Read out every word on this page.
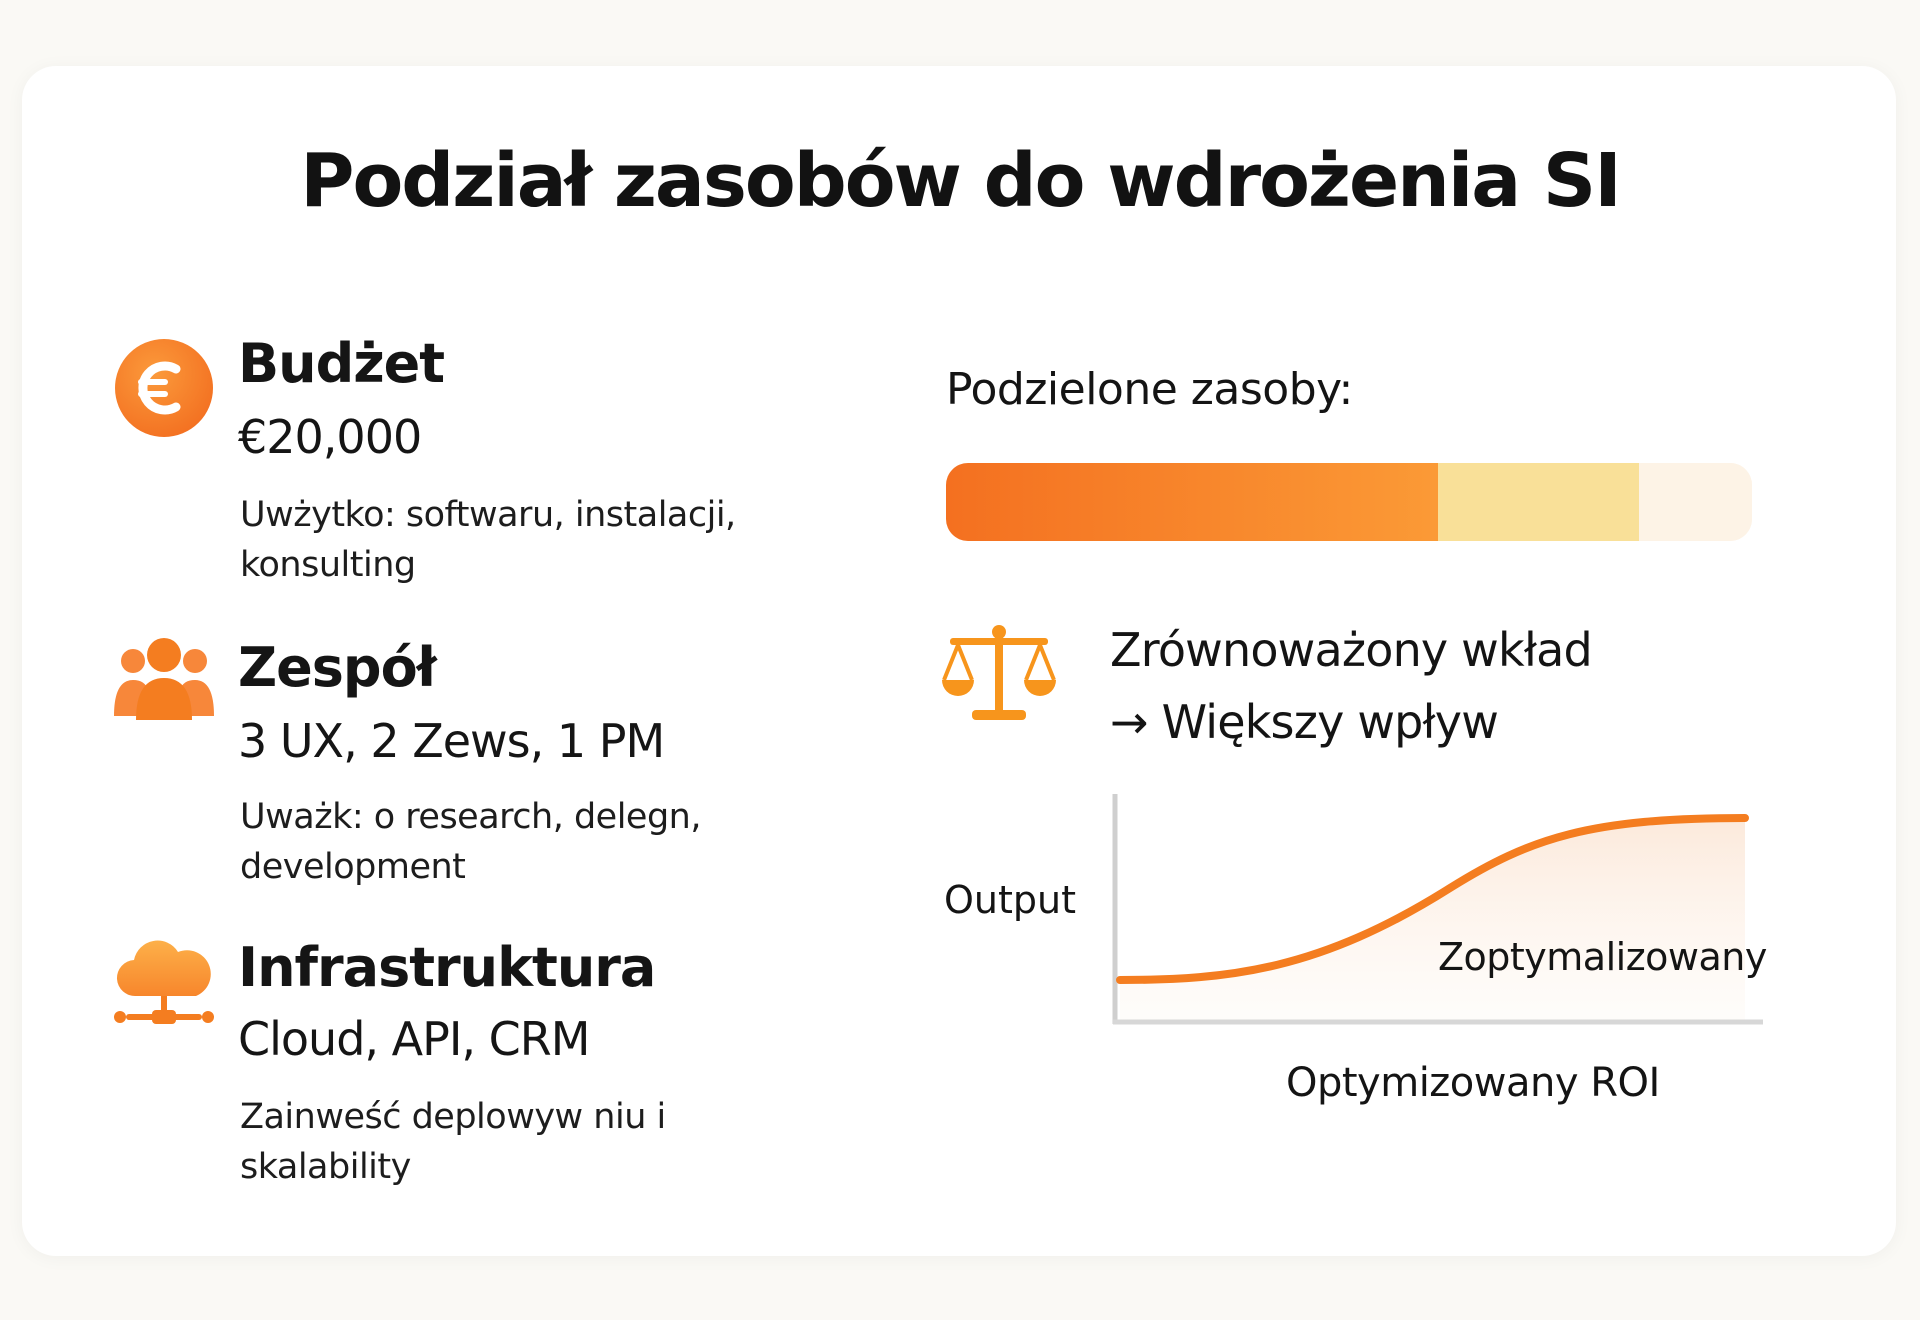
Podział zasobów do wdrożenia SI
Budżet
€20,000
Uwżytko: softwaru, instalacji, konsulting
Zespół
3 UX, 2 Zews, 1 PM
Uważk: o research, delegn, development
Infrastruktura
Cloud, API, CRM
Zainweść deplowyw niu i skalability
Podzielone zasoby:
Zrównoważony wkład
→ Większy wpływ
Output
Zoptymalizowany
Optymizowany ROI
